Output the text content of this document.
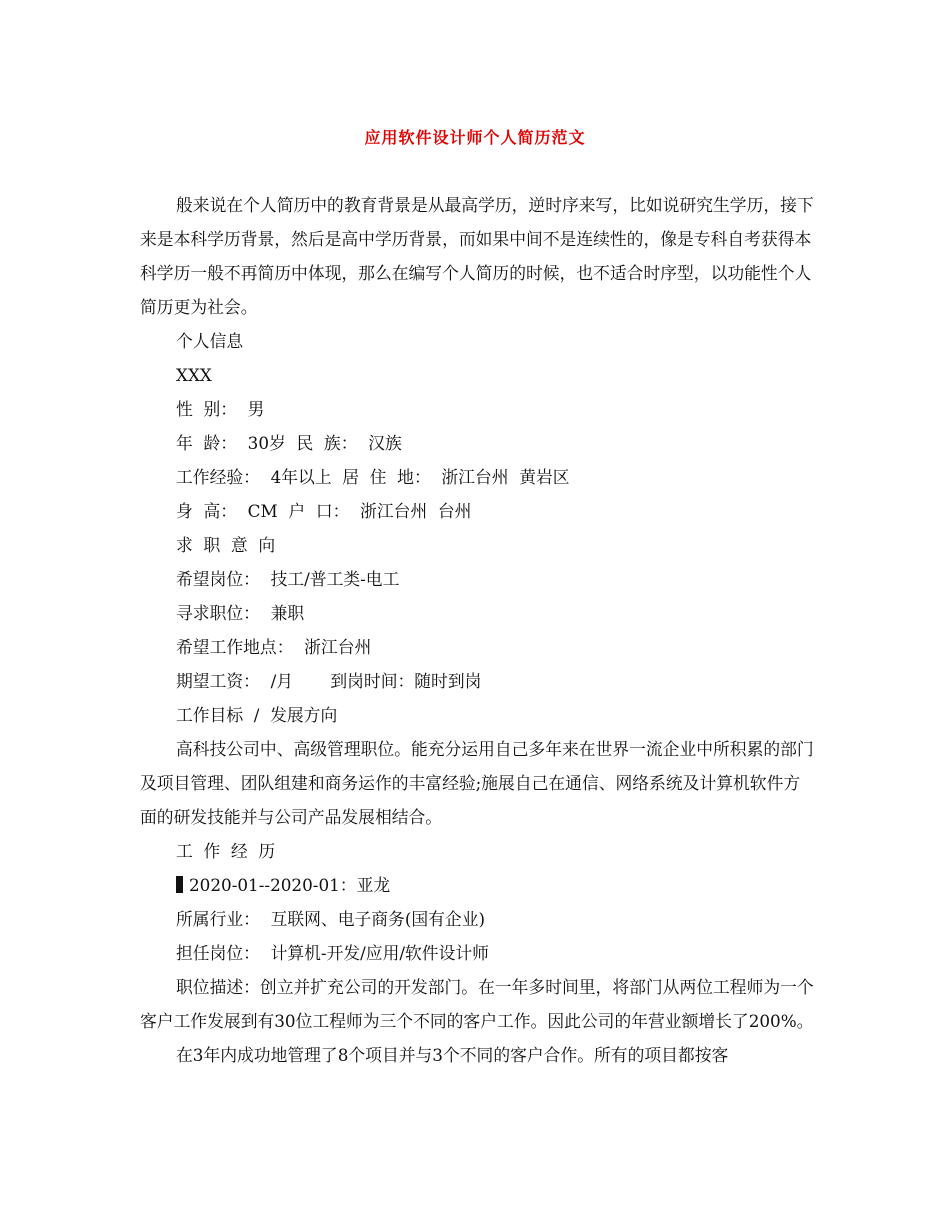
应用软件设计师个人简历范文

般来说在个人简历中的教育背景是从最高学历，逆时序来写，比如说研究生学历，接下来是本科学历背景，然后是高中学历背景，而如果中间不是连续性的，像是专科自考获得本科学历一般不再简历中体现，那么在编写个人简历的时候，也不适合时序型，以功能性个人简历更为社会。

个人信息

XXX

性  别：  男

年  龄：  30岁  民  族：  汉族

工作经验：  4年以上  居  住  地：  浙江台州  黄岩区

身  高：  CM  户  口：  浙江台州  台州

求  职  意  向

希望岗位：  技工/普工类-电工

寻求职位：  兼职

希望工作地点：  浙江台州

期望工资：  /月       到岗时间：随时到岗

工作目标  /  发展方向

高科技公司中、高级管理职位。能充分运用自己多年来在世界一流企业中所积累的部门及项目管理、团队组建和商务运作的丰富经验;施展自己在通信、网络系统及计算机软件方面的研发技能并与公司产品发展相结合。

工  作  经  历

2020-01--2020-01：亚龙

所属行业：  互联网、电子商务(国有企业)

担任岗位：  计算机-开发/应用/软件设计师

职位描述：创立并扩充公司的开发部门。在一年多时间里，将部门从两位工程师为一个客户工作发展到有30位工程师为三个不同的客户工作。因此公司的年营业额增长了200%。

在3年内成功地管理了8个项目并与3个不同的客户合作。所有的项目都按客
